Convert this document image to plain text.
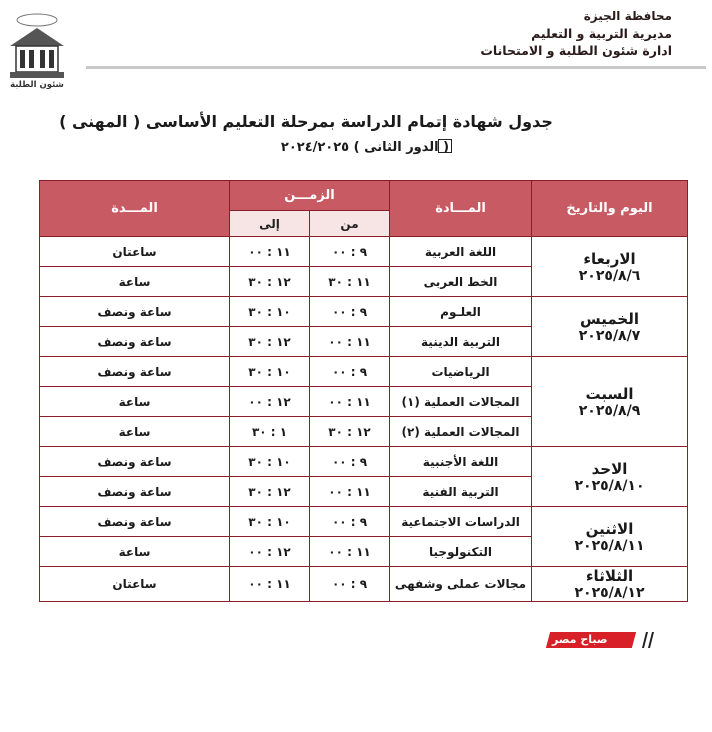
محافظة الجيزة
مديرية التربية و التعليم
ادارة شئون الطلبة و الامتحانات
شئون الطلبة
جدول شهادة إتمام الدراسة بمرحلة التعليم الأساسى ( المهنى )
( الدور الثانى ) ٢٠٢٤/٢٠٢٥
اليوم والتاريخ	المـــادة	الزمـــن		المـــدة
		من	إلى	

الاربعاء
٢٠٢٥/٨/٦	اللغة العربية	٩ : ٠٠	١١ : ٠٠	ساعتان
	الخط العربى	١١ : ٣٠	١٢ : ٣٠	ساعة

الخميس
٢٠٢٥/٨/٧	العلـوم	٩ : ٠٠	١٠ : ٣٠	ساعة ونصف
	التربية الدينية	١١ : ٠٠	١٢ : ٣٠	ساعة ونصف

السبت
٢٠٢٥/٨/٩	الرياضيات	٩ : ٠٠	١٠ : ٣٠	ساعة ونصف
	المجالات العملية (١)	١١ : ٠٠	١٢ : ٠٠	ساعة
	المجالات العملية (٢)	١٢ : ٣٠	١ : ٣٠	ساعة

الاحد
٢٠٢٥/٨/١٠	اللغة الأجنبية	٩ : ٠٠	١٠ : ٣٠	ساعة ونصف
	التربية الفنية	١١ : ٠٠	١٢ : ٣٠	ساعة ونصف

الاثنين
٢٠٢٥/٨/١١	الدراسات الاجتماعية	٩ : ٠٠	١٠ : ٣٠	ساعة ونصف
	التكنولوجيا	١١ : ٠٠	١٢ : ٠٠	ساعة

الثلاثاء
٢٠٢٥/٨/١٢	مجالات عملى وشفهى	٩ : ٠٠	١١ : ٠٠	ساعتان
صباح مصر
